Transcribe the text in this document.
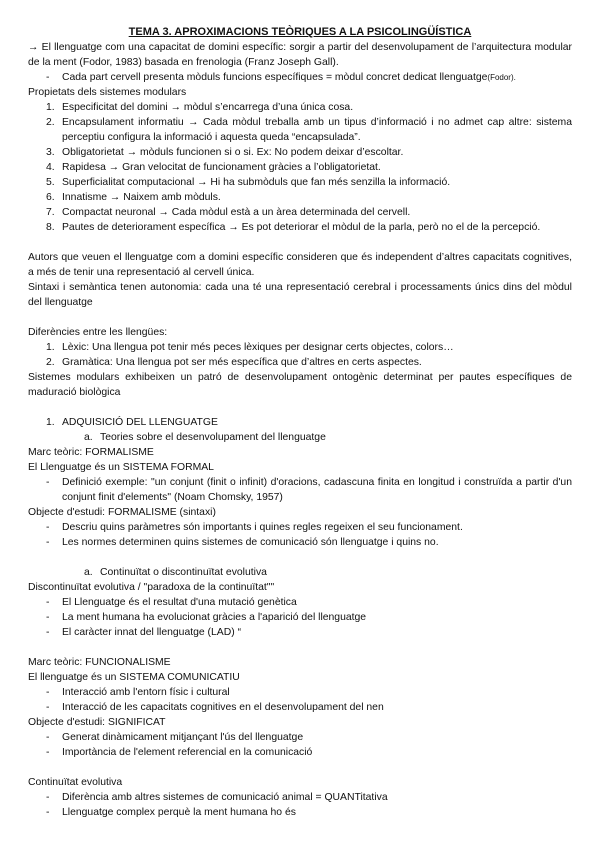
TEMA 3. APROXIMACIONS TEÒRIQUES A LA PSICOLINGÜÍSTICA
→ El llenguatge com una capacitat de domini específic: sorgir a partir del desenvolupament de l’arquitectura modular de la ment (Fodor, 1983) basada en frenologia (Franz Joseph Gall).
- Cada part cervell presenta mòduls funcions específiques = mòdul concret dedicat llenguatge(Fodor).
Propietats dels sistemes modulars
1. Especificitat del domini → mòdul s’encarrega d’una única cosa.
2. Encapsulament informatiu → Cada mòdul treballa amb un tipus d’informació i no admet cap altre: sistema perceptiu configura la informació i aquesta queda “encapsulada”.
3. Obligatorietat → mòduls funcionen si o si. Ex: No podem deixar d’escoltar.
4. Rapidesa → Gran velocitat de funcionament gràcies a l’obligatorietat.
5. Superficialitat computacional → Hi ha submòduls que fan més senzilla la informació.
6. Innatisme → Naixem amb mòduls.
7. Compactat neuronal → Cada mòdul està a un àrea determinada del cervell.
8. Pautes de deteriorament específica → Es pot deteriorar el mòdul de la parla, però no el de la percepció.
Autors que veuen el llenguatge com a domini específic consideren que és independent d’altres capacitats cognitives, a més de tenir una representació al cervell única.
Sintaxi i semàntica tenen autonomia: cada una té una representació cerebral i processaments únics dins del mòdul del llenguatge
Diferències entre les llengües:
1. Lèxic: Una llengua pot tenir més peces lèxiques per designar certs objectes, colors…
2. Gramàtica: Una llengua pot ser més específica que d’altres en certs aspectes.
Sistemes modulars exhibeixen un patró de desenvolupament ontogènic determinat per pautes específiques de maduració biològica
1. ADQUISICIÓ DEL LLENGUATGE
a. Teories sobre el desenvolupament del llenguatge
Marc teòric: FORMALISME
El Llenguatge és un SISTEMA FORMAL
- Definició exemple: "un conjunt (finit o infinit) d'oracions, cadascuna finita en longitud i construïda a partir d'un conjunt finit d'elements" (Noam Chomsky, 1957)
Objecte d'estudi: FORMALISME (sintaxi)
- Descriu quins paràmetres són importants i quines regles regeixen el seu funcionament.
- Les normes determinen quins sistemes de comunicació són llenguatge i quins no.
a. Continuïtat o discontinuïtat evolutiva
Discontinuïtat evolutiva / "paradoxa de la continuïtat""
- El Llenguatge és el resultat d'una mutació genètica
- La ment humana ha evolucionat gràcies a l'aparició del llenguatge
- El caràcter innat del llenguatge (LAD) “
Marc teòric: FUNCIONALISME
El llenguatge és un SISTEMA COMUNICATIU
- Interacció amb l'entorn físic i cultural
- Interacció de les capacitats cognitives en el desenvolupament del nen
Objecte d'estudi: SIGNIFICAT
- Generat dinàmicament mitjançant l'ús del llenguatge
- Importància de l'element referencial en la comunicació
Continuïtat evolutiva
- Diferència amb altres sistemes de comunicació animal = QUANTitativa
- Llenguatge complex perquè la ment humana ho és
